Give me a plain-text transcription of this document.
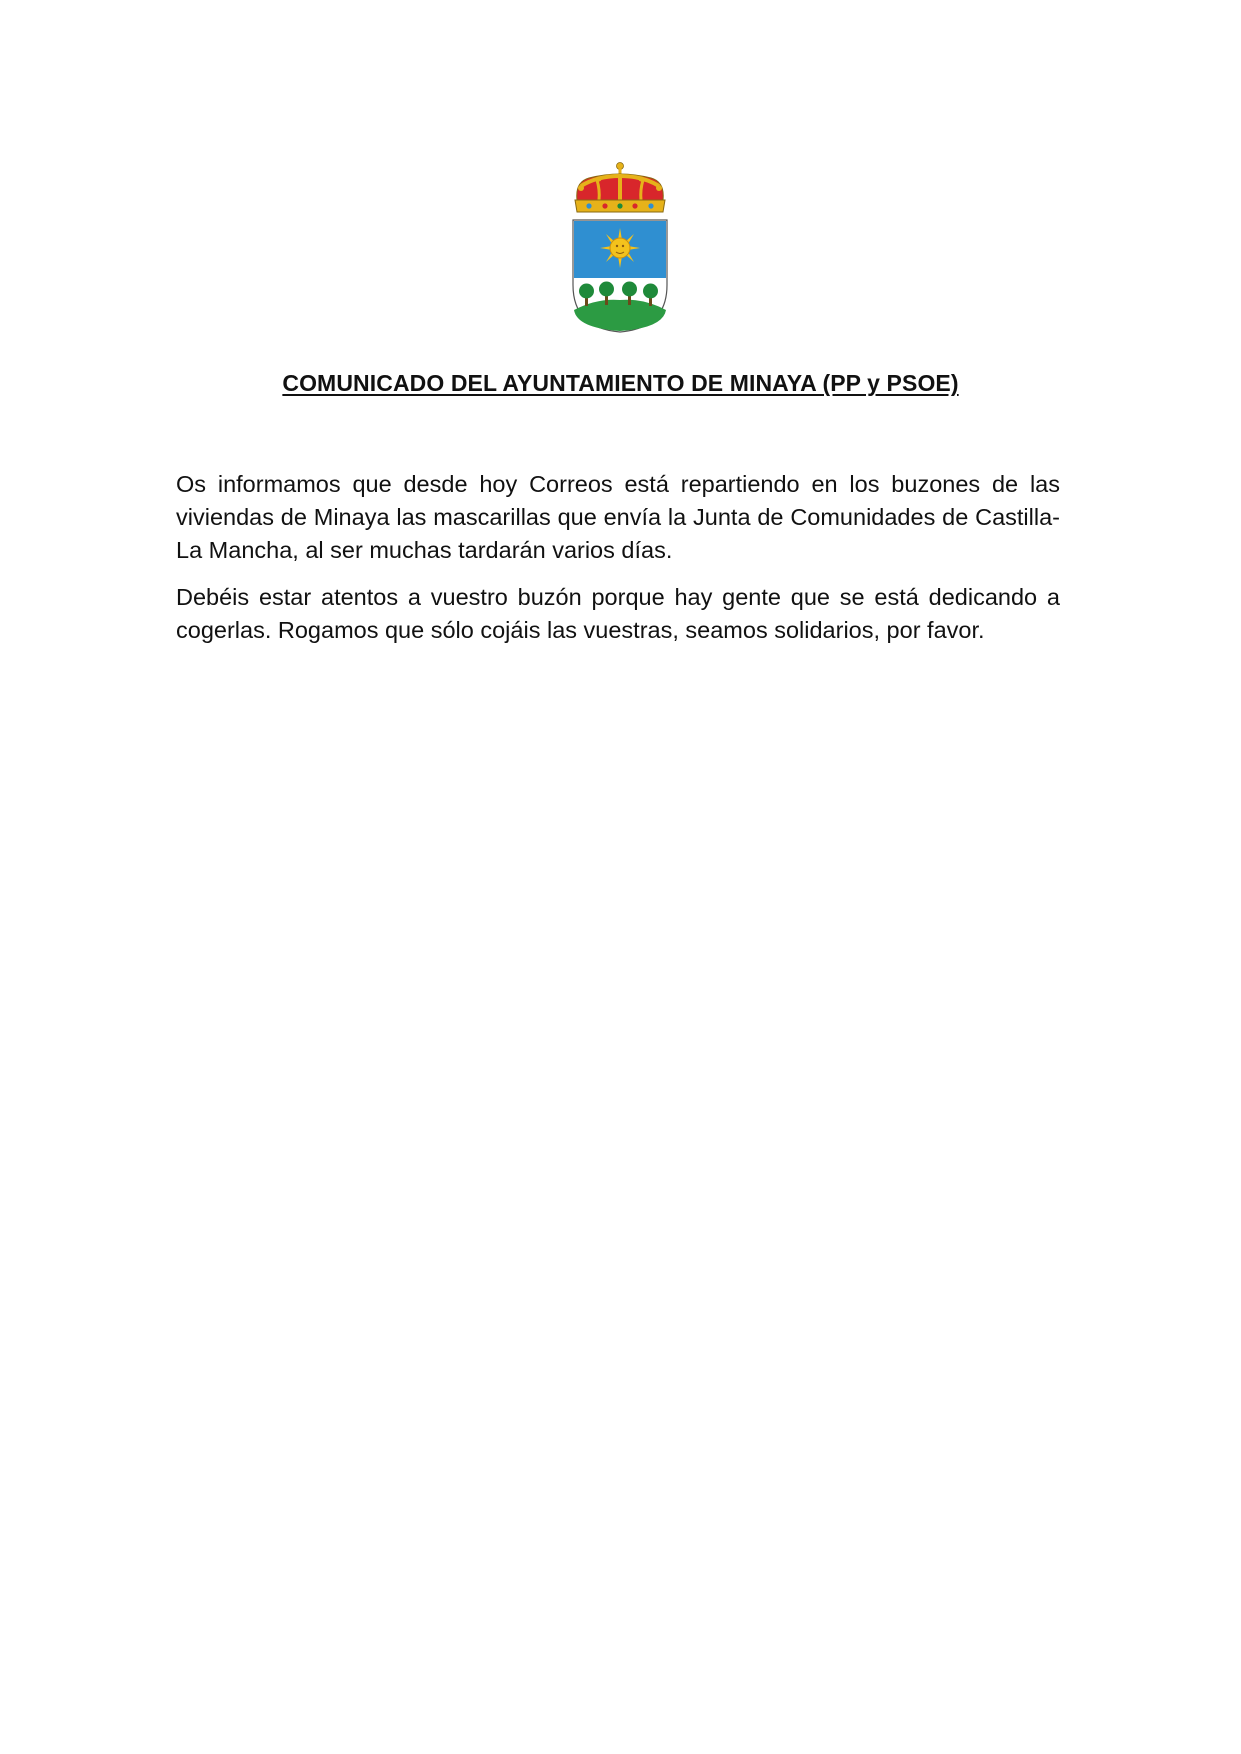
COMUNICADO DEL AYUNTAMIENTO DE MINAYA (PP y PSOE)

Os informamos que desde hoy Correos está repartiendo en los buzones de las viviendas de Minaya las mascarillas que envía la Junta de Comunidades de Castilla-La Mancha, al ser muchas tardarán varios días.

Debéis estar atentos a vuestro buzón porque hay gente que se está dedicando a cogerlas. Rogamos que sólo cojáis las vuestras, seamos solidarios, por favor.
